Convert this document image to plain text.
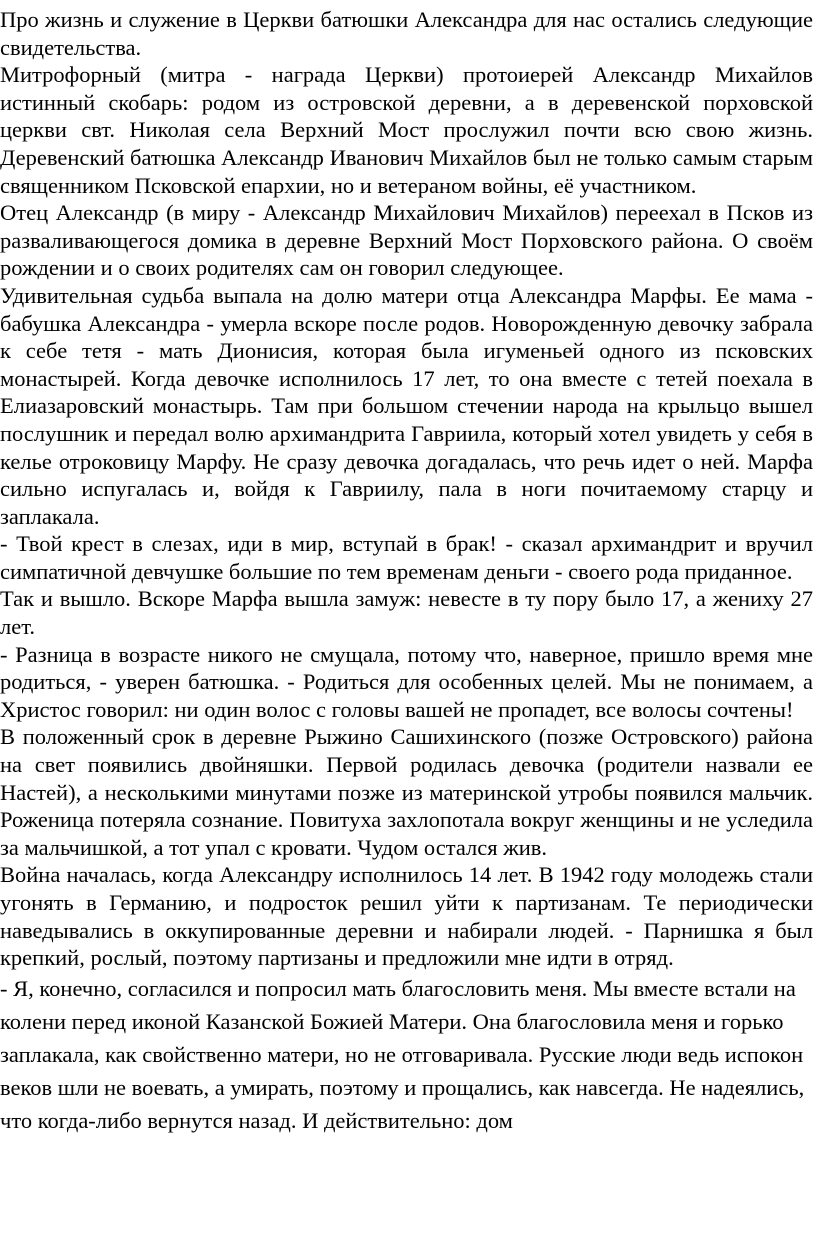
Про жизнь и служение в Церкви батюшки Александра для нас остались следующие свидетельства.

Митрофорный (митра - награда Церкви) протоиерей Александр Михайлов истинный скобарь: родом из островской деревни, а в деревенской порховской церкви свт. Николая села Верхний Мост прослужил почти всю свою жизнь. Деревенский батюшка Александр Иванович Михайлов был не только самым старым священником Псковской епархии, но и ветераном войны, её участником.

Отец Александр (в миру - Александр Михайлович Михайлов) переехал в Псков из разваливающегося домика в деревне Верхний Мост Порховского района. О своём рождении и о своих родителях сам он говорил следующее.

Удивительная судьба выпала на долю матери отца Александра Марфы. Ее мама - бабушка Александра - умерла вскоре после родов. Новорожденную девочку забрала к себе тетя - мать Дионисия, которая была игуменьей одного из псковских монастырей. Когда девочке исполнилось 17 лет, то она вместе с тетей поехала в Елиазаровский монастырь. Там при большом стечении народа на крыльцо вышел послушник и передал волю архимандрита Гавриила, который хотел увидеть у себя в келье отроковицу Марфу. Не сразу девочка догадалась, что речь идет о ней. Марфа сильно испугалась и, войдя к Гавриилу, пала в ноги почитаемому старцу и заплакала.

- Твой крест в слезах, иди в мир, вступай в брак! - сказал архимандрит и вручил симпатичной девчушке большие по тем временам деньги - своего рода приданное.

Так и вышло. Вскоре Марфа вышла замуж: невесте в ту пору было 17, а жениху 27 лет.

- Разница в возрасте никого не смущала, потому что, наверное, пришло время мне родиться, - уверен батюшка. - Родиться для особенных целей. Мы не понимаем, а Христос говорил: ни один волос с головы вашей не пропадет, все волосы сочтены!

В положенный срок в деревне Рыжино Сашихинского (позже Островского) района на свет появились двойняшки. Первой родилась девочка (родители назвали ее Настей), а несколькими минутами позже из материнской утробы появился мальчик. Роженица потеряла сознание. Повитуха захлопотала вокруг женщины и не уследила за мальчишкой, а тот упал с кровати. Чудом остался жив.

Война началась, когда Александру исполнилось 14 лет. В 1942 году молодежь стали угонять в Германию, и подросток решил уйти к партизанам. Те периодически наведывались в оккупированные деревни и набирали людей. - Парнишка я был крепкий, рослый, поэтому партизаны и предложили мне идти в отряд.

- Я, конечно, согласился и попросил мать благословить меня. Мы вместе встали на колени перед иконой Казанской Божией Матери. Она благословила меня и горько заплакала, как свойственно матери, но не отговаривала. Русские люди ведь испокон веков шли не воевать, а умирать, поэтому и прощались, как навсегда. Не надеялись, что когда-либо вернутся назад. И действительно: дом
